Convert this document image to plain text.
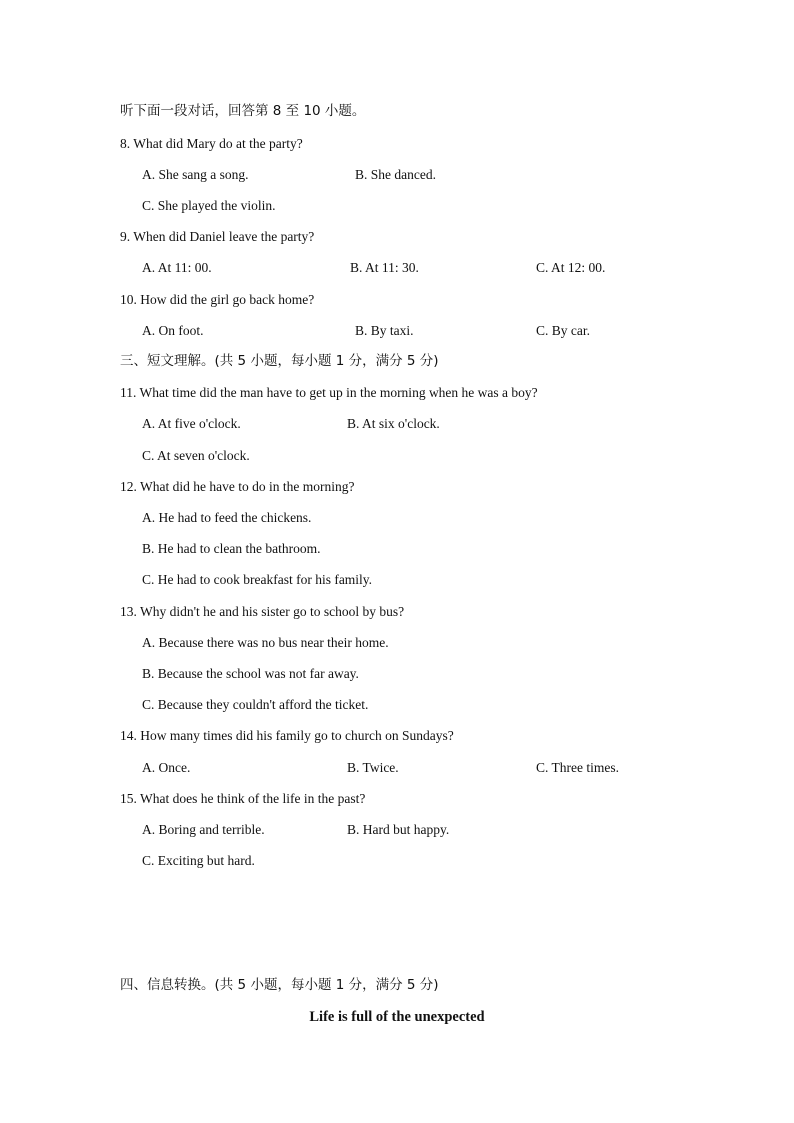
听下面一段对话，回答第 8 至 10 小题。
8. What did Mary do at the party?
A. She sang a song.	B. She danced.
C. She played the violin.
9. When did Daniel leave the party?
A. At 11: 00.	B. At 11: 30.	C. At 12: 00.
10. How did the girl go back home?
A. On foot.	B. By taxi.	C. By car.
三、短文理解。(共 5 小题，每小题 1 分，满分 5 分)
11. What time did the man have to get up in the morning when he was a boy?
A. At five o'clock.	B. At six o'clock.
C. At seven o'clock.
12. What did he have to do in the morning?
A. He had to feed the chickens.
B. He had to clean the bathroom.
C. He had to cook breakfast for his family.
13. Why didn't he and his sister go to school by bus?
A. Because there was no bus near their home.
B. Because the school was not far away.
C. Because they couldn't afford the ticket.
14. How many times did his family go to church on Sundays?
A. Once.	B. Twice.	C. Three times.
15. What does he think of the life in the past?
A. Boring and terrible.	B. Hard but happy.
C. Exciting but hard.
四、信息转换。(共 5 小题，每小题 1 分，满分 5 分)
Life is full of the unexpected
